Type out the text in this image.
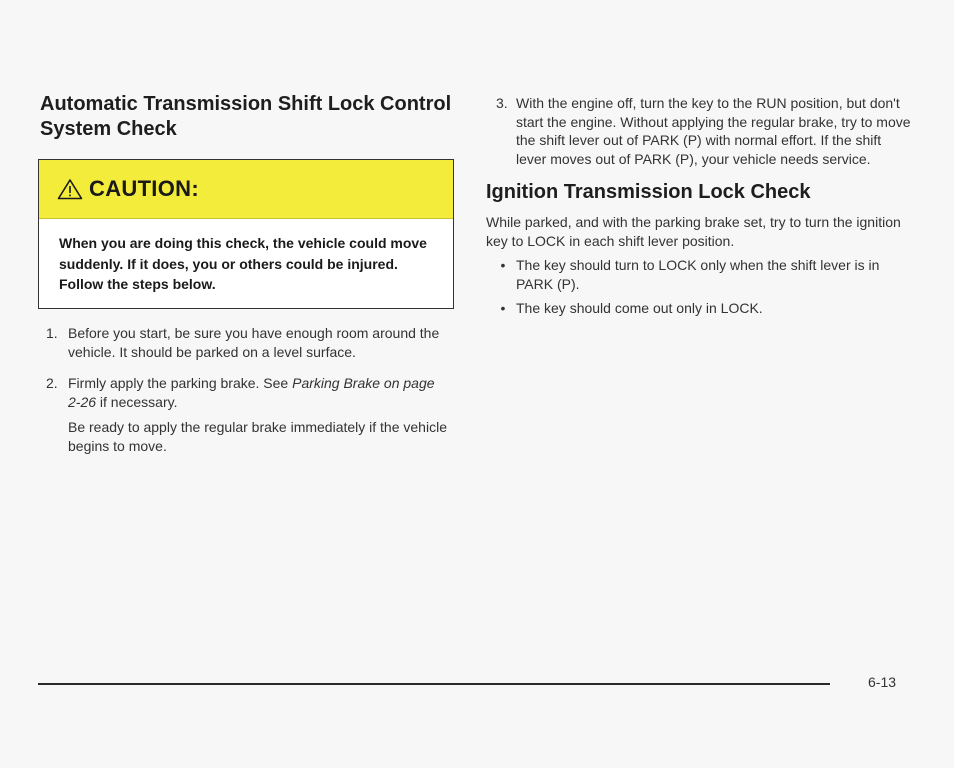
Automatic Transmission Shift Lock Control System Check
CAUTION:
When you are doing this check, the vehicle could move suddenly. If it does, you or others could be injured. Follow the steps below.
1. Before you start, be sure you have enough room around the vehicle. It should be parked on a level surface.

2. Firmly apply the parking brake. See Parking Brake on page 2-26 if necessary.

Be ready to apply the regular brake immediately if the vehicle begins to move.

3. With the engine off, turn the key to the RUN position, but don't start the engine. Without applying the regular brake, try to move the shift lever out of PARK (P) with normal effort. If the shift lever moves out of PARK (P), your vehicle needs service.
Ignition Transmission Lock Check

While parked, and with the parking brake set, try to turn the ignition key to LOCK in each shift lever position.

• The key should turn to LOCK only when the shift lever is in PARK (P).
• The key should come out only in LOCK.
6-13
